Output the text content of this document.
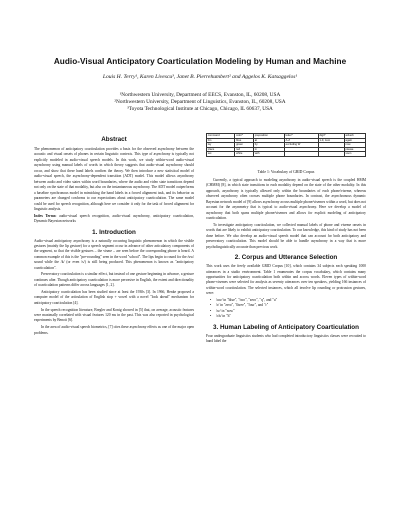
Audio-Visual Anticipatory Coarticulation Modeling by Human and Machine
Louis H. Terry¹, Karen Livescu³, Janet B. Pierrehumbert² and Aggelos K. Katsaggelos¹
¹Northwestern University, Department of EECS, Evanston, IL, 60208, USA
²Northwestern University, Department of Linguistics, Evanston, IL, 60208, USA
³Toyota Technological Institute at Chicago, Chicago, IL 60637, USA
Abstract

The phenomenon of anticipatory coarticulation provides a basis for the observed asynchrony between the acoustic and visual onsets of phones in certain linguistic contexts. This type of asynchrony is typically not explicitly modeled in audio-visual speech models. In this work, we study within-word audio-visual asynchrony using manual labels of words in which theory suggests that audio-visual asynchrony should occur, and show that these hand labels confirm the theory. We then introduce a new statistical model of audio-visual speech, the asynchrony-dependent transition (ADT) model. This model allows asynchrony between audio and video states within word boundaries, where the audio and video state transitions depend not only on the state of that modality, but also on the instantaneous asynchrony. The ADT model outperforms a baseline synchronous model in mimicking the hand labels in a forced alignment task, and its behavior as parameters are changed conforms to our expectations about anticipatory coarticulation. The same model could be used for speech recognition, although here we consider it only for the task of forced alignment for linguistic analysis.

Index Terms: audio-visual speech recognition, audio-visual asynchrony, anticipatory coarticulation, Dynamic Bayesian networks

1. Introduction

Audio-visual anticipatory asynchrony is a naturally occurring linguistic phenomenon in which the visible gestures (mainly the lip gesture) for a speech segment occur in advance of other articulatory components of the segment, so that the visible gestures – the visme – are seen before the corresponding phone is heard. A common example of this is the "pre-rounding" seen in the word "school". The lips begin to round for the /uw/ sound while the /k/ (or even /s/) is still being produced. This phenomenon is known as "anticipatory coarticulation".

Preservatory coarticulation is a similar effect, but instead of one gesture beginning in advance, a gesture continues after. Though anticipatory coarticulation is more pervasive in English, the extent and directionality of coarticulation patterns differ across languages [1, 2].

Anticipatory coarticulation has been studied since at least the 1930s [3]. In 1966, Henke proposed a computer model of the articulation of English stop + vowel with a novel "look ahead" mechanism for anticipatory coarticulation [4].

In the speech recognition literature, Bregler and Konig showed in [5] that, on average, acoustic features were maximally correlated with visual features 120 ms in the past. This was also reported in psychological experiments by Benoit [6].

In the area of audio-visual speech biometrics, [7] cites these asynchrony effects as one of the major open problems.

command	color*	preposition	letter*	digit*	adverb
bin	blue	at	A-Z	1-9, zero	again
lay	green	by	excluding W		now
place	red	in			please
set	white	with			soon
Table 1: Vocabulary of GRID Corpus

Currently, a typical approach to modeling asynchrony in audio-visual speech is the coupled HMM (CHMM) [8], in which state transitions in each modality depend on the state of the other modality. In this approach, asynchrony is typically allowed only within the boundaries of each phone/viseme, whereas observed asynchrony often crosses multiple phone boundaries. In contrast, the asynchronous dynamic Bayesian network model of [9] allows asynchrony across multiple phone/visemes within a word, but does not account for the asymmetry that is typical to audio-visual asynchrony. Here we develop a model of asynchrony that both spans multiple phone/visemes and allows for explicit modeling of anticipatory coarticulation.

To investigate anticipatory coarticulation, we collected manual labels of phone and viseme onsets in words that are likely to exhibit anticipatory coarticulation. To our knowledge, this kind of study has not been done before. We also develop an audio-visual speech model that can account for both anticipatory and preservatory coarticulation. This model should be able to handle asynchrony in a way that is more psycholinguistically accurate than previous work.

2. Corpus and Utterance Selection

This work uses the freely available GRID Corpus [10], which contains 34 subjects each speaking 1000 utterances in a studio environment. Table 1 enumerates the corpus vocabulary, which contains many opportunities for anticipatory coarticulation both within and across words. Eleven types of within-word phone-visemes were selected for analysis as seventy utterances over ten speakers, yielding 166 instances of within-word coarticulation. The selected instances, which all involve lip rounding or protrusion gestures, were:

• /uw/ in "blue", "two", "zero", "q", and "u"
• /r/ in "zero", "three", "four", and "r"
• /w/ in "now"
• /ch/ in "h"
3. Human Labeling of Anticipatory Coarticulation

Four undergraduate linguistics students who had completed introductory linguistics classes were recruited to hand label the
